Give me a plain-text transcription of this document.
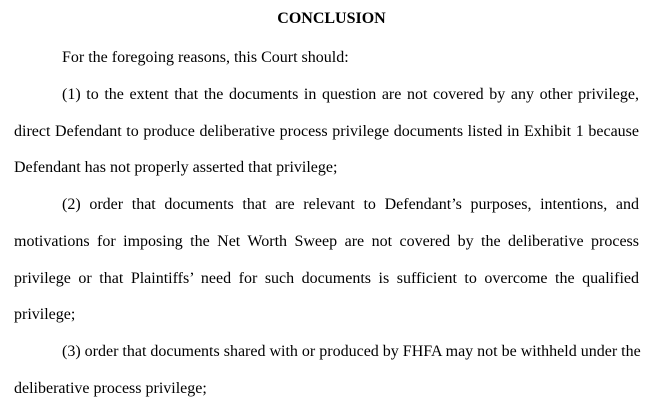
CONCLUSION
For the foregoing reasons, this Court should:
(1) to the extent that the documents in question are not covered by any other privilege,
direct Defendant to produce deliberative process privilege documents listed in Exhibit 1 because
Defendant has not properly asserted that privilege;
(2) order that documents that are relevant to Defendant’s purposes, intentions, and
motivations for imposing the Net Worth Sweep are not covered by the deliberative process
privilege or that Plaintiffs’ need for such documents is sufficient to overcome the qualified
privilege;
(3) order that documents shared with or produced by FHFA may not be withheld under the
deliberative process privilege;
